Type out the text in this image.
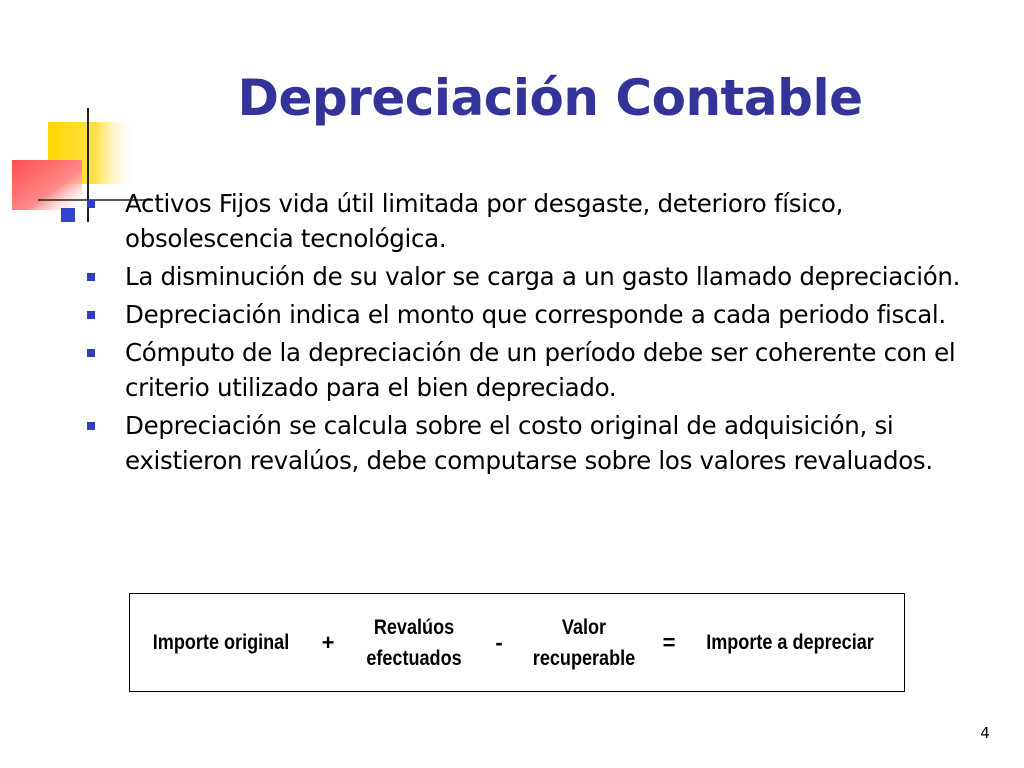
Depreciación Contable
Activos Fijos vida útil limitada por desgaste, deterioro físico, obsolescencia tecnológica.
La disminución de su valor se carga a un gasto llamado depreciación.
Depreciación indica el monto que corresponde a cada periodo fiscal.
Cómputo de la depreciación de un período debe ser coherente con el criterio utilizado para el bien depreciado.
Depreciación se calcula sobre el costo original de adquisición, si existieron revalúos, debe computarse sobre los valores revaluados.
Importe original	+
Revalúos
efectuados
-
Valor
recuperable
=	Importe a depreciar
4
